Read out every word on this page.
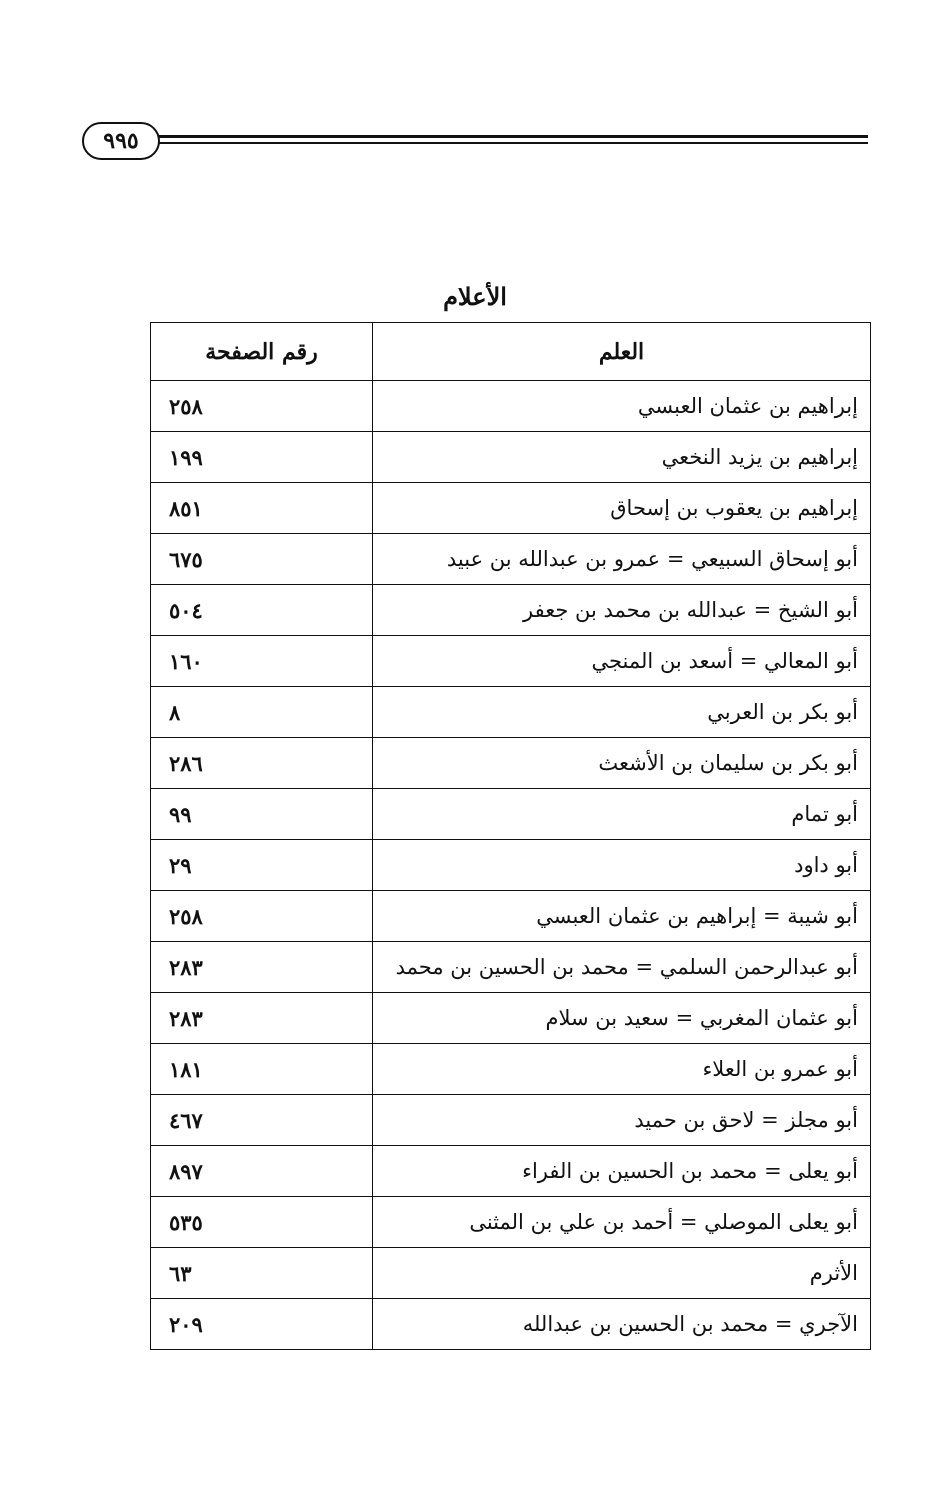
٩٩٥
الأعلام
العلم	رقم الصفحة
إبراهيم بن عثمان العبسي	٢٥٨
إبراهيم بن يزيد النخعي	١٩٩
إبراهيم بن يعقوب بن إسحاق	٨٥١
أبو إسحاق السبيعي = عمرو بن عبدالله بن عبيد	٦٧٥
أبو الشيخ = عبدالله بن محمد بن جعفر	٥٠٤
أبو المعالي = أسعد بن المنجي	١٦٠
أبو بكر بن العربي	٨
أبو بكر بن سليمان بن الأشعث	٢٨٦
أبو تمام	٩٩
أبو داود	٢٩
أبو شيبة = إبراهيم بن عثمان العبسي	٢٥٨
أبو عبدالرحمن السلمي = محمد بن الحسين بن محمد	٢٨٣
أبو عثمان المغربي = سعيد بن سلام	٢٨٣
أبو عمرو بن العلاء	١٨١
أبو مجلز = لاحق بن حميد	٤٦٧
أبو يعلى = محمد بن الحسين بن الفراء	٨٩٧
أبو يعلى الموصلي = أحمد بن علي بن المثنى	٥٣٥
الأثرم	٦٣
الآجري = محمد بن الحسين بن عبدالله	٢٠٩
